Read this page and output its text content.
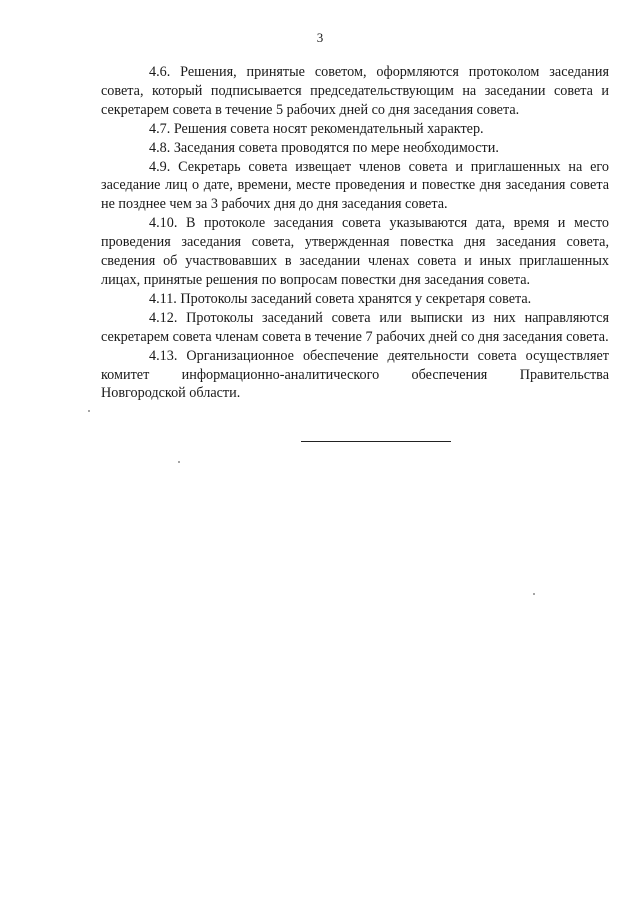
3

4.6. Решения, принятые советом, оформляются протоколом заседания совета, который подписывается председательствующим на заседании совета и секретарем совета в течение 5 рабочих дней со дня заседания совета.

4.7. Решения совета носят рекомендательный характер.

4.8. Заседания совета проводятся по мере необходимости.

4.9. Секретарь совета извещает членов совета и приглашенных на его заседание лиц о дате, времени, месте проведения и повестке дня заседания совета не позднее чем за 3 рабочих дня до дня заседания совета.

4.10. В протоколе заседания совета указываются дата, время и место проведения заседания совета, утвержденная повестка дня заседания совета, сведения об участвовавших в заседании членах совета и иных приглашенных лицах, принятые решения по вопросам повестки дня заседания совета.

4.11. Протоколы заседаний совета хранятся у секретаря совета.

4.12. Протоколы заседаний совета или выписки из них направляются секретарем совета членам совета в течение 7 рабочих дней со дня заседания совета.

4.13. Организационное обеспечение деятельности совета осуществляет комитет информационно-аналитического обеспечения Правительства Новгородской области.
